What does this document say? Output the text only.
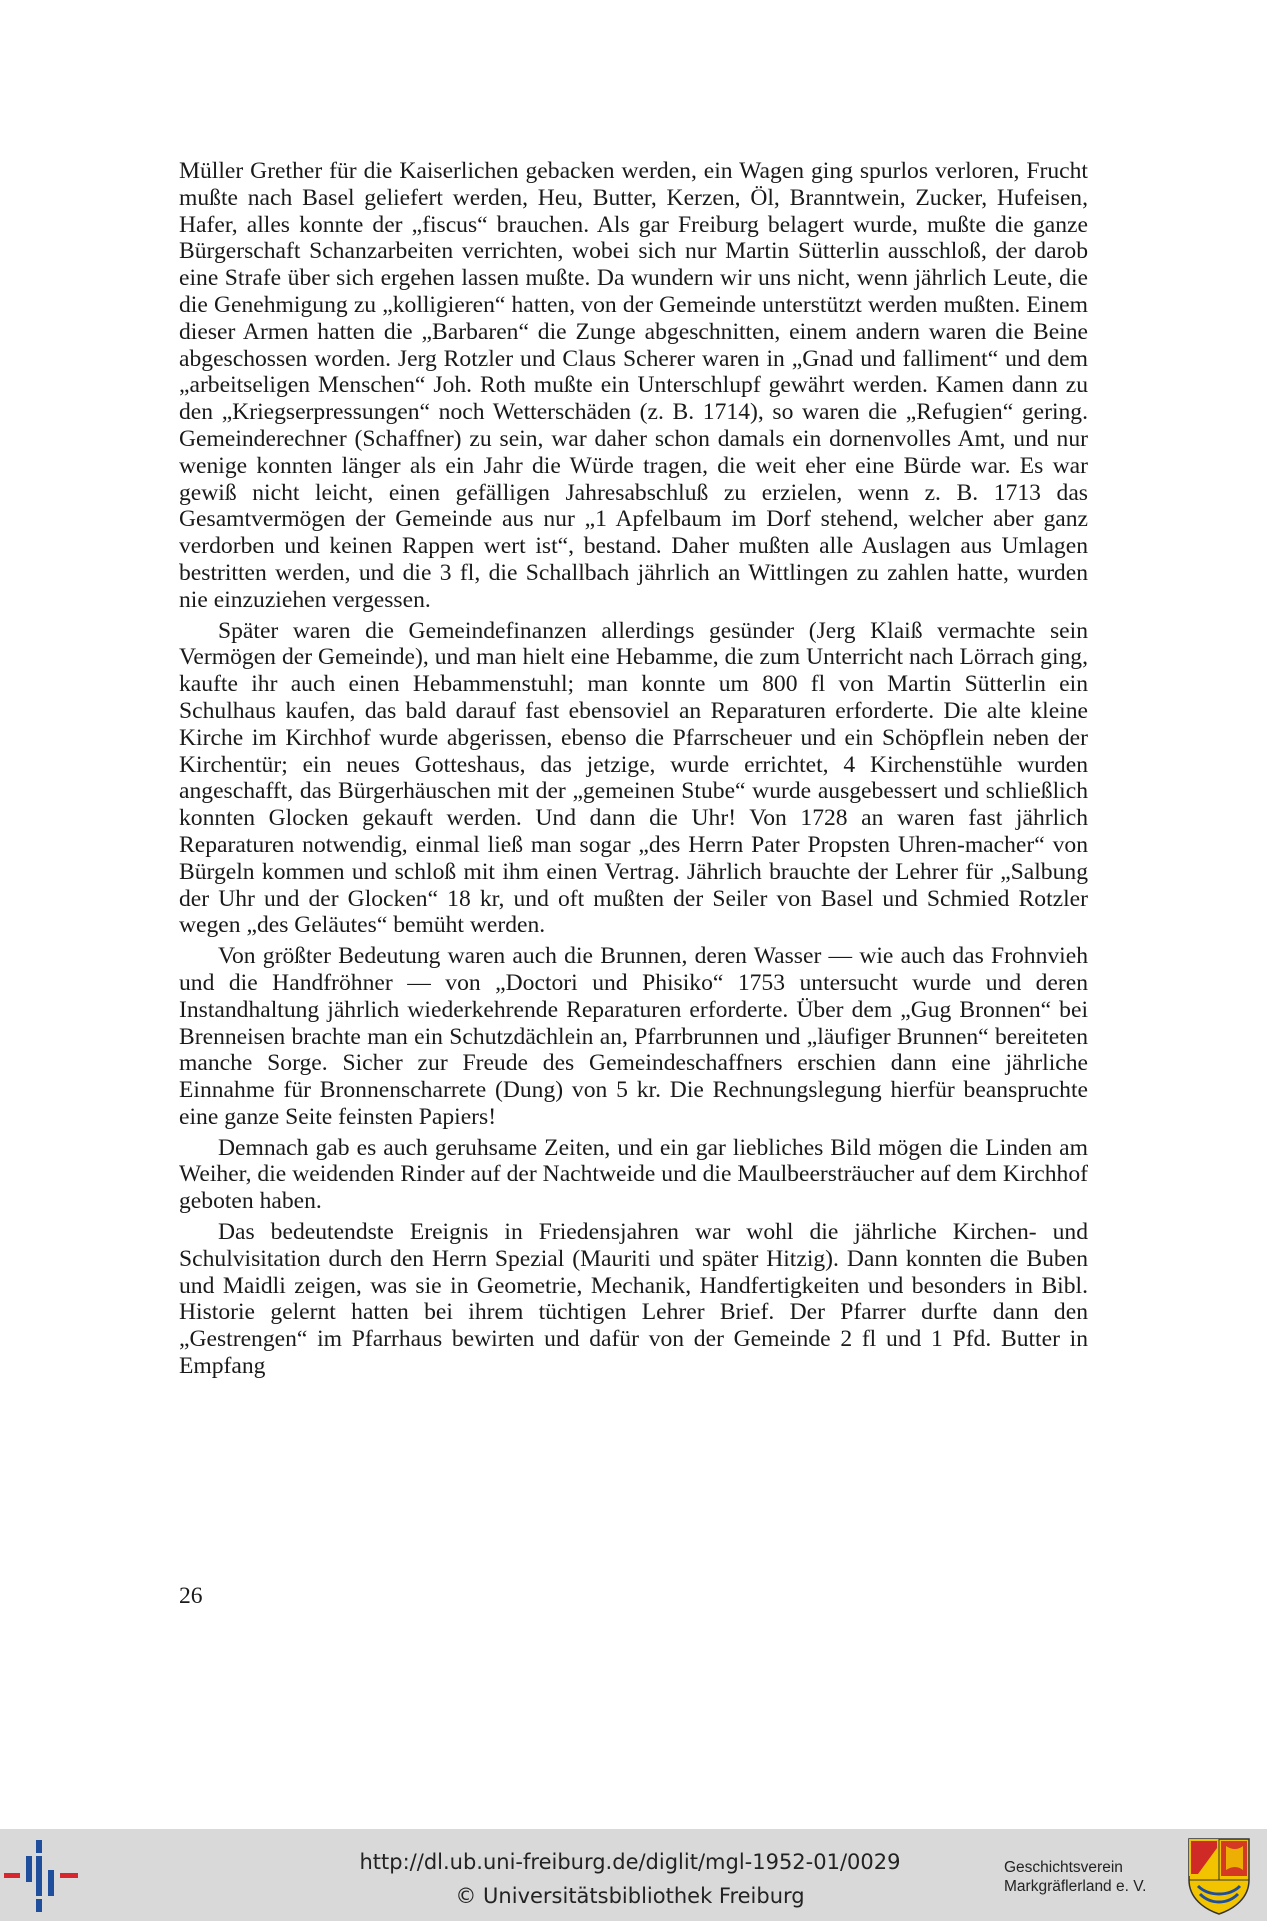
Müller Grether für die Kaiserlichen gebacken werden, ein Wagen ging spurlos verloren, Frucht mußte nach Basel geliefert werden, Heu, Butter, Kerzen, Öl, Branntwein, Zucker, Hufeisen, Hafer, alles konnte der „fiscus“ brauchen. Als gar Freiburg belagert wurde, mußte die ganze Bürgerschaft Schanzarbeiten verrichten, wobei sich nur Martin Sütterlin ausschloß, der darob eine Strafe über sich ergehen lassen mußte. Da wundern wir uns nicht, wenn jährlich Leute, die die Genehmigung zu „kolligieren“ hatten, von der Gemeinde unterstützt werden mußten. Einem dieser Armen hatten die „Barbaren“ die Zunge abgeschnitten, einem andern waren die Beine abgeschossen worden. Jerg Rotzler und Claus Scherer waren in „Gnad und falliment“ und dem „arbeitseligen Menschen“ Joh. Roth mußte ein Unterschlupf gewährt werden. Kamen dann zu den „Kriegserpressungen“ noch Wetterschäden (z. B. 1714), so waren die „Refugien“ gering. Gemeinderechner (Schaffner) zu sein, war daher schon damals ein dornenvolles Amt, und nur wenige konnten länger als ein Jahr die Würde tragen, die weit eher eine Bürde war. Es war gewiß nicht leicht, einen gefälligen Jahresabschluß zu erzielen, wenn z. B. 1713 das Gesamtvermögen der Gemeinde aus nur „1 Apfelbaum im Dorf stehend, welcher aber ganz verdorben und keinen Rappen wert ist“, bestand. Daher mußten alle Auslagen aus Umlagen bestritten werden, und die 3 fl, die Schallbach jährlich an Wittlingen zu zahlen hatte, wurden nie einzuziehen vergessen.

Später waren die Gemeindefinanzen allerdings gesünder (Jerg Klaiß vermachte sein Vermögen der Gemeinde), und man hielt eine Hebamme, die zum Unterricht nach Lörrach ging, kaufte ihr auch einen Hebammenstuhl; man konnte um 800 fl von Martin Sütterlin ein Schulhaus kaufen, das bald darauf fast ebensoviel an Reparaturen erforderte. Die alte kleine Kirche im Kirchhof wurde abgerissen, ebenso die Pfarrscheuer und ein Schöpflein neben der Kirchentür; ein neues Gotteshaus, das jetzige, wurde errichtet, 4 Kirchenstühle wurden angeschafft, das Bürgerhäuschen mit der „gemeinen Stube“ wurde ausgebessert und schließlich konnten Glocken gekauft werden. Und dann die Uhr! Von 1728 an waren fast jährlich Reparaturen notwendig, einmal ließ man sogar „des Herrn Pater Propsten Uhren-macher“ von Bürgeln kommen und schloß mit ihm einen Vertrag. Jährlich brauchte der Lehrer für „Salbung der Uhr und der Glocken“ 18 kr, und oft mußten der Seiler von Basel und Schmied Rotzler wegen „des Geläutes“ bemüht werden.

Von größter Bedeutung waren auch die Brunnen, deren Wasser — wie auch das Frohnvieh und die Handfröhner — von „Doctori und Phisiko“ 1753 untersucht wurde und deren Instandhaltung jährlich wiederkehrende Reparaturen erforderte. Über dem „Gug Bronnen“ bei Brenneisen brachte man ein Schutzdächlein an, Pfarrbrunnen und „läufiger Brunnen“ bereiteten manche Sorge. Sicher zur Freude des Gemeindeschaffners erschien dann eine jährliche Einnahme für Bronnenscharrete (Dung) von 5 kr. Die Rechnungslegung hierfür beanspruchte eine ganze Seite feinsten Papiers!

Demnach gab es auch geruhsame Zeiten, und ein gar liebliches Bild mögen die Linden am Weiher, die weidenden Rinder auf der Nachtweide und die Maulbeersträucher auf dem Kirchhof geboten haben.

Das bedeutendste Ereignis in Friedensjahren war wohl die jährliche Kirchen- und Schulvisitation durch den Herrn Spezial (Mauriti und später Hitzig). Dann konnten die Buben und Maidli zeigen, was sie in Geometrie, Mechanik, Handfertigkeiten und besonders in Bibl. Historie gelernt hatten bei ihrem tüchtigen Lehrer Brief. Der Pfarrer durfte dann den „Gestrengen“ im Pfarrhaus bewirten und dafür von der Gemeinde 2 fl und 1 Pfd. Butter in Empfang

26
http://dl.ub.uni-freiburg.de/diglit/mgl-1952-01/0029
© Universitätsbibliothek Freiburg
Geschichtsverein
Markgräflerland e. V.
